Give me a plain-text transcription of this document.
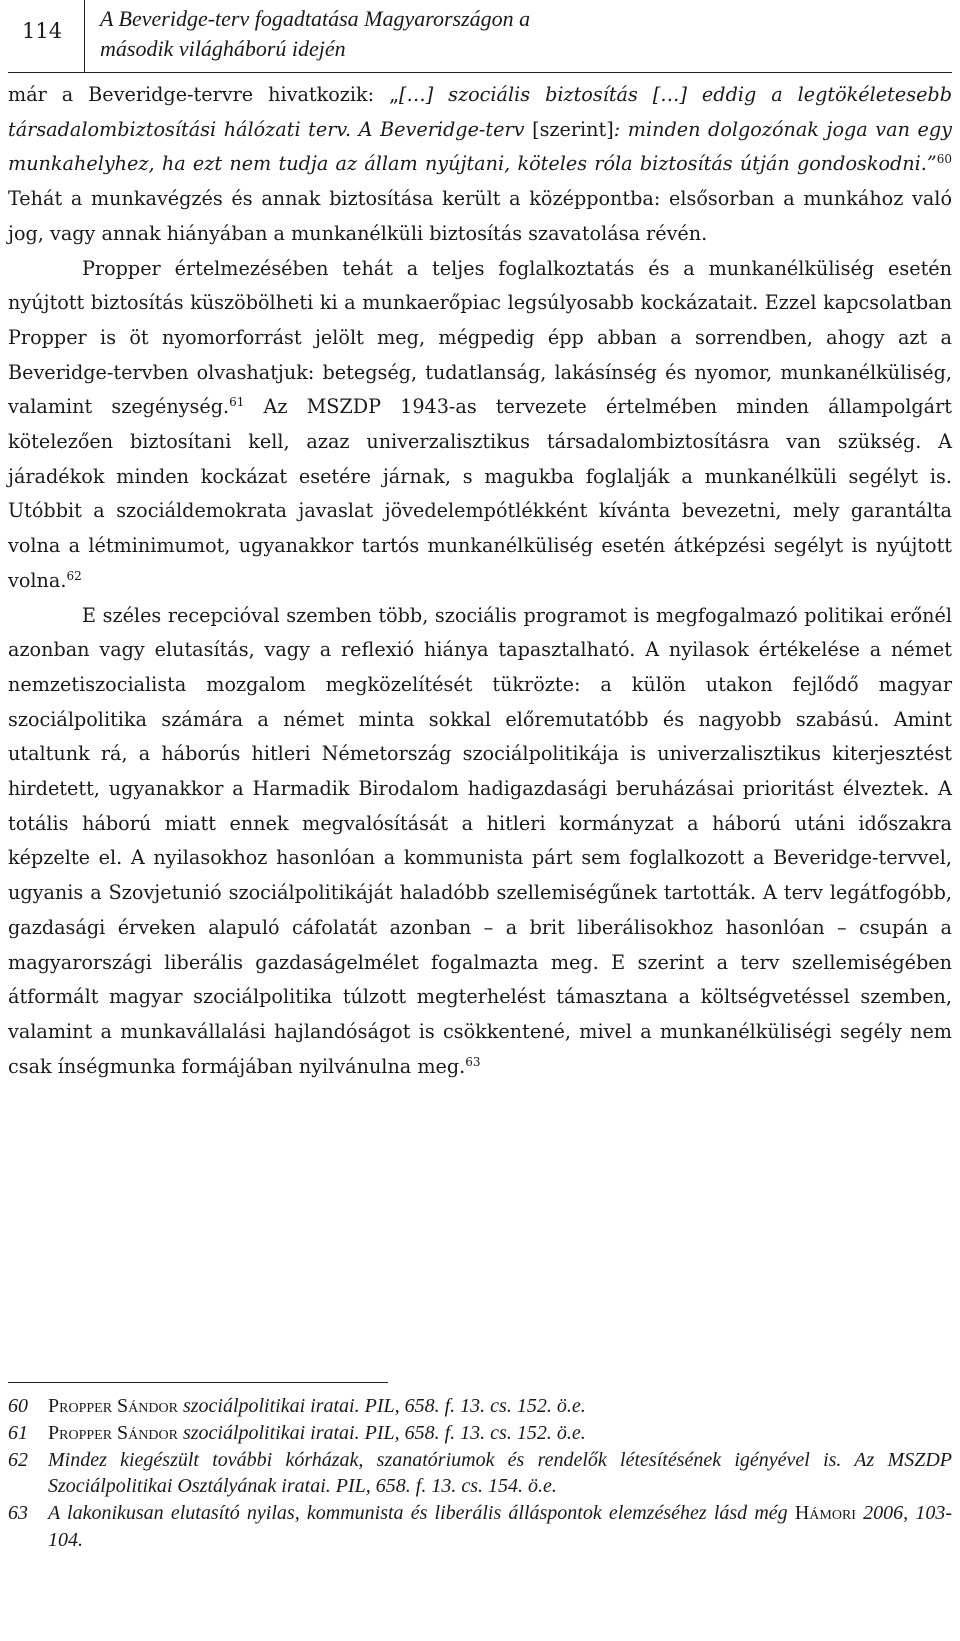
114	A Beveridge-terv fogadtatása Magyarországon a
második világháború idején

már a Beveridge-tervre hivatkozik: „[…] szociális biztosítás […] eddig a legtökéletesebb társadalombiztosítási hálózati terv. A Beveridge-terv [szerint]: minden dolgozónak joga van egy munkahelyhez, ha ezt nem tudja az állam nyújtani, köteles róla biztosítás útján gondoskodni.”$^{60}$ Tehát a munkavégzés és annak biztosítása került a középpontba: elsősorban a munkához való jog, vagy annak hiányában a munkanélküli biztosítás szavatolása révén.

Propper értelmezésében tehát a teljes foglalkoztatás és a munkanélküliség esetén nyújtott biztosítás küszöbölheti ki a munkaerőpiac legsúlyosabb kockázatait. Ezzel kapcsolatban Propper is öt nyomorforrást jelölt meg, mégpedig épp abban a sorrendben, ahogy azt a Beveridge-tervben olvashatjuk: betegség, tudatlanság, lakásínség és nyomor, munkanélküliség, valamint szegénység.$^{61}$ Az MSZDP 1943-as tervezete értelmében minden állampolgárt kötelezően biztosítani kell, azaz univerzalisztikus társadalombiztosításra van szükség. A járadékok minden kockázat esetére járnak, s magukba foglalják a munkanélküli segélyt is. Utóbbit a szociáldemokrata javaslat jövedelempótlékként kívánta bevezetni, mely garantálta volna a létminimumot, ugyanakkor tartós munkanélküliség esetén átképzési segélyt is nyújtott volna.$^{62}$

E széles recepcióval szemben több, szociális programot is megfogalmazó politikai erőnél azonban vagy elutasítás, vagy a reflexió hiánya tapasztalható. A nyilasok értékelése a német nemzetiszocialista mozgalom megközelítését tükrözte: a külön utakon fejlődő magyar szociálpolitika számára a német minta sokkal előremutatóbb és nagyobb szabású. Amint utaltunk rá, a háborús hitleri Németország szociálpolitikája is univerzalisztikus kiterjesztést hirdetett, ugyanakkor a Harmadik Birodalom hadigazdasági beruházásai prioritást élveztek. A totális háború miatt ennek megvalósítását a hitleri kormányzat a háború utáni időszakra képzelte el. A nyilasokhoz hasonlóan a kommunista párt sem foglalkozott a Beveridge-tervvel, ugyanis a Szovjetunió szociálpolitikáját haladóbb szellemiségűnek tartották. A terv legátfogóbb, gazdasági érveken alapuló cáfolatát azonban – a brit liberálisokhoz hasonlóan – csupán a magyarországi liberális gazdaságelmélet fogalmazta meg. E szerint a terv szellemiségében átformált magyar szociálpolitika túlzott megterhelést támasztana a költségvetéssel szemben, valamint a munkavállalási hajlandóságot is csökkentené, mivel a munkanélküliségi segély nem csak ínségmunka formájában nyilvánulna meg.$^{63}$

60 Propper Sándor szociálpolitikai iratai. PIL, 658. f. 13. cs. 152. ö.e.
61 Propper Sándor szociálpolitikai iratai. PIL, 658. f. 13. cs. 152. ö.e.
62 Mindez kiegészült további kórházak, szanatóriumok és rendelők létesítésének igényével is. Az MSZDP Szociálpolitikai Osztályának iratai. PIL, 658. f. 13. cs. 154. ö.e.
63 A lakonikusan elutasító nyilas, kommunista és liberális álláspontok elemzéséhez lásd még Hámori 2006, 103-104.
